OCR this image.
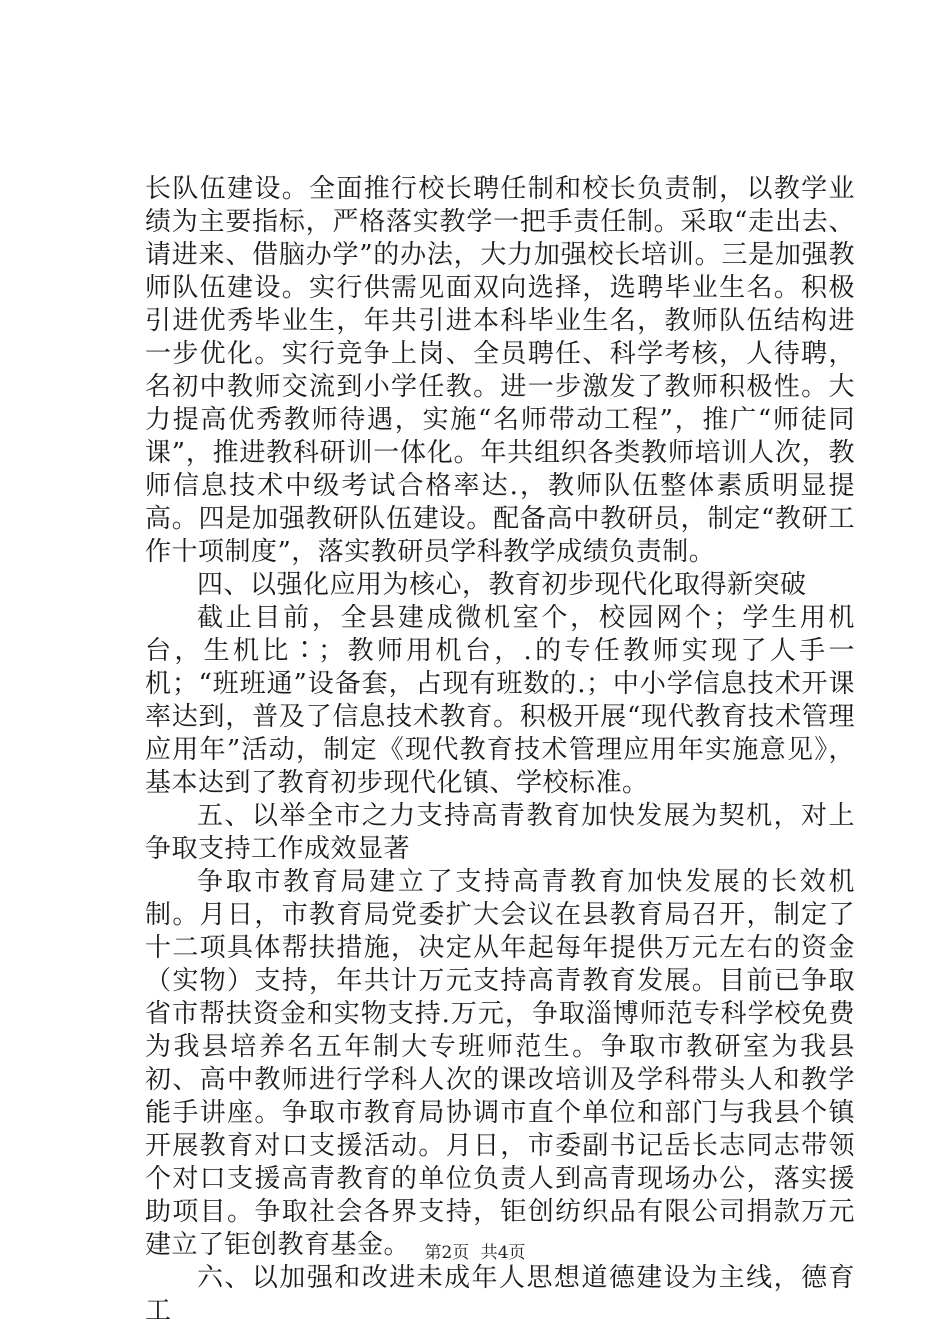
长队伍建设。全面推行校长聘任制和校长负责制，以教学业绩为主要指标，严格落实教学一把手责任制。采取“走出去、请进来、借脑办学”的办法，大力加强校长培训。三是加强教师队伍建设。实行供需见面双向选择，选聘毕业生名。积极引进优秀毕业生，年共引进本科毕业生名，教师队伍结构进一步优化。实行竞争上岗、全员聘任、科学考核，人待聘，名初中教师交流到小学任教。进一步激发了教师积极性。大力提高优秀教师待遇，实施“名师带动工程”，推广“师徒同课”，推进教科研训一体化。年共组织各类教师培训人次，教师信息技术中级考试合格率达.，教师队伍整体素质明显提高。四是加强教研队伍建设。配备高中教研员，制定“教研工作十项制度”，落实教研员学科教学成绩负责制。

四、以强化应用为核心，教育初步现代化取得新突破

截止目前，全县建成微机室个，校园网个；学生用机台，生机比∶；教师用机台，.的专任教师实现了人手一机；“班班通”设备套，占现有班数的.；中小学信息技术开课率达到，普及了信息技术教育。积极开展“现代教育技术管理应用年”活动，制定《现代教育技术管理应用年实施意见》，基本达到了教育初步现代化镇、学校标准。

五、以举全市之力支持高青教育加快发展为契机，对上争取支持工作成效显著

争取市教育局建立了支持高青教育加快发展的长效机制。月日，市教育局党委扩大会议在县教育局召开，制定了十二项具体帮扶措施，决定从年起每年提供万元左右的资金（实物）支持，年共计万元支持高青教育发展。目前已争取省市帮扶资金和实物支持.万元，争取淄博师范专科学校免费为我县培养名五年制大专班师范生。争取市教研室为我县初、高中教师进行学科人次的课改培训及学科带头人和教学能手讲座。争取市教育局协调市直个单位和部门与我县个镇开展教育对口支援活动。月日，市委副书记岳长志同志带领个对口支援高青教育的单位负责人到高青现场办公，落实援助项目。争取社会各界支持，钜创纺织品有限公司捐款万元建立了钜创教育基金。

六、以加强和改进未成年人思想道德建设为主线，德育工

第2页 共4页
